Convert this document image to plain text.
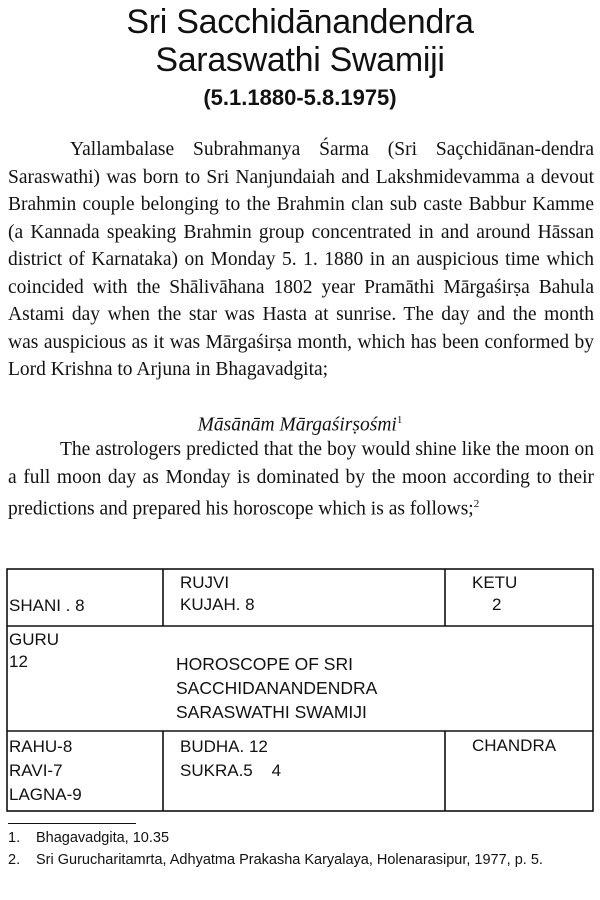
Sri Sacchidānandendra
Saraswathi Swamiji
(5.1.1880-5.8.1975)

Yallambalase Subrahmanya Śarma (Sri Saçchidānan-dendra Saraswathi) was born to Sri Nanjundaiah and Lakshmidevamma a devout Brahmin couple belonging to the Brahmin clan sub caste Babbur Kamme (a Kannada speaking Brahmin group concentrated in and around Hāssan district of Karnataka) on Monday 5. 1. 1880 in an auspicious time which coincided with the Shālivāhana 1802 year Pramāthi Mārgaśirṣa Bahula Astami day when the star was Hasta at sunrise. The day and the month was auspicious as it was Mārgaśirṣa month, which has been conformed by Lord Krishna to Arjuna in Bhagavadgita;

Māsānām Mārgaśirṣośmi$^1$

The astrologers predicted that the boy would shine like the moon on a full moon day as Monday is dominated by the moon according to their predictions and prepared his horoscope which is as follows;$^2$

SHANI . 8
RUJVI
KUJAH. 8
KETU
2
GURU
12	HOROSCOPE OF SRI
SACCHIDANANDENDRA
SARASWATHI SWAMIJI
RAHU-8
RAVI-7
LAGNA-9
BUDHA. 12
SUKRA.5    4
CHANDRA
1. Bhagavadgita, 10.35
2. Sri Gurucharitamrta, Adhyatma Prakasha Karyalaya, Holenarasipur, 1977, p. 5.
